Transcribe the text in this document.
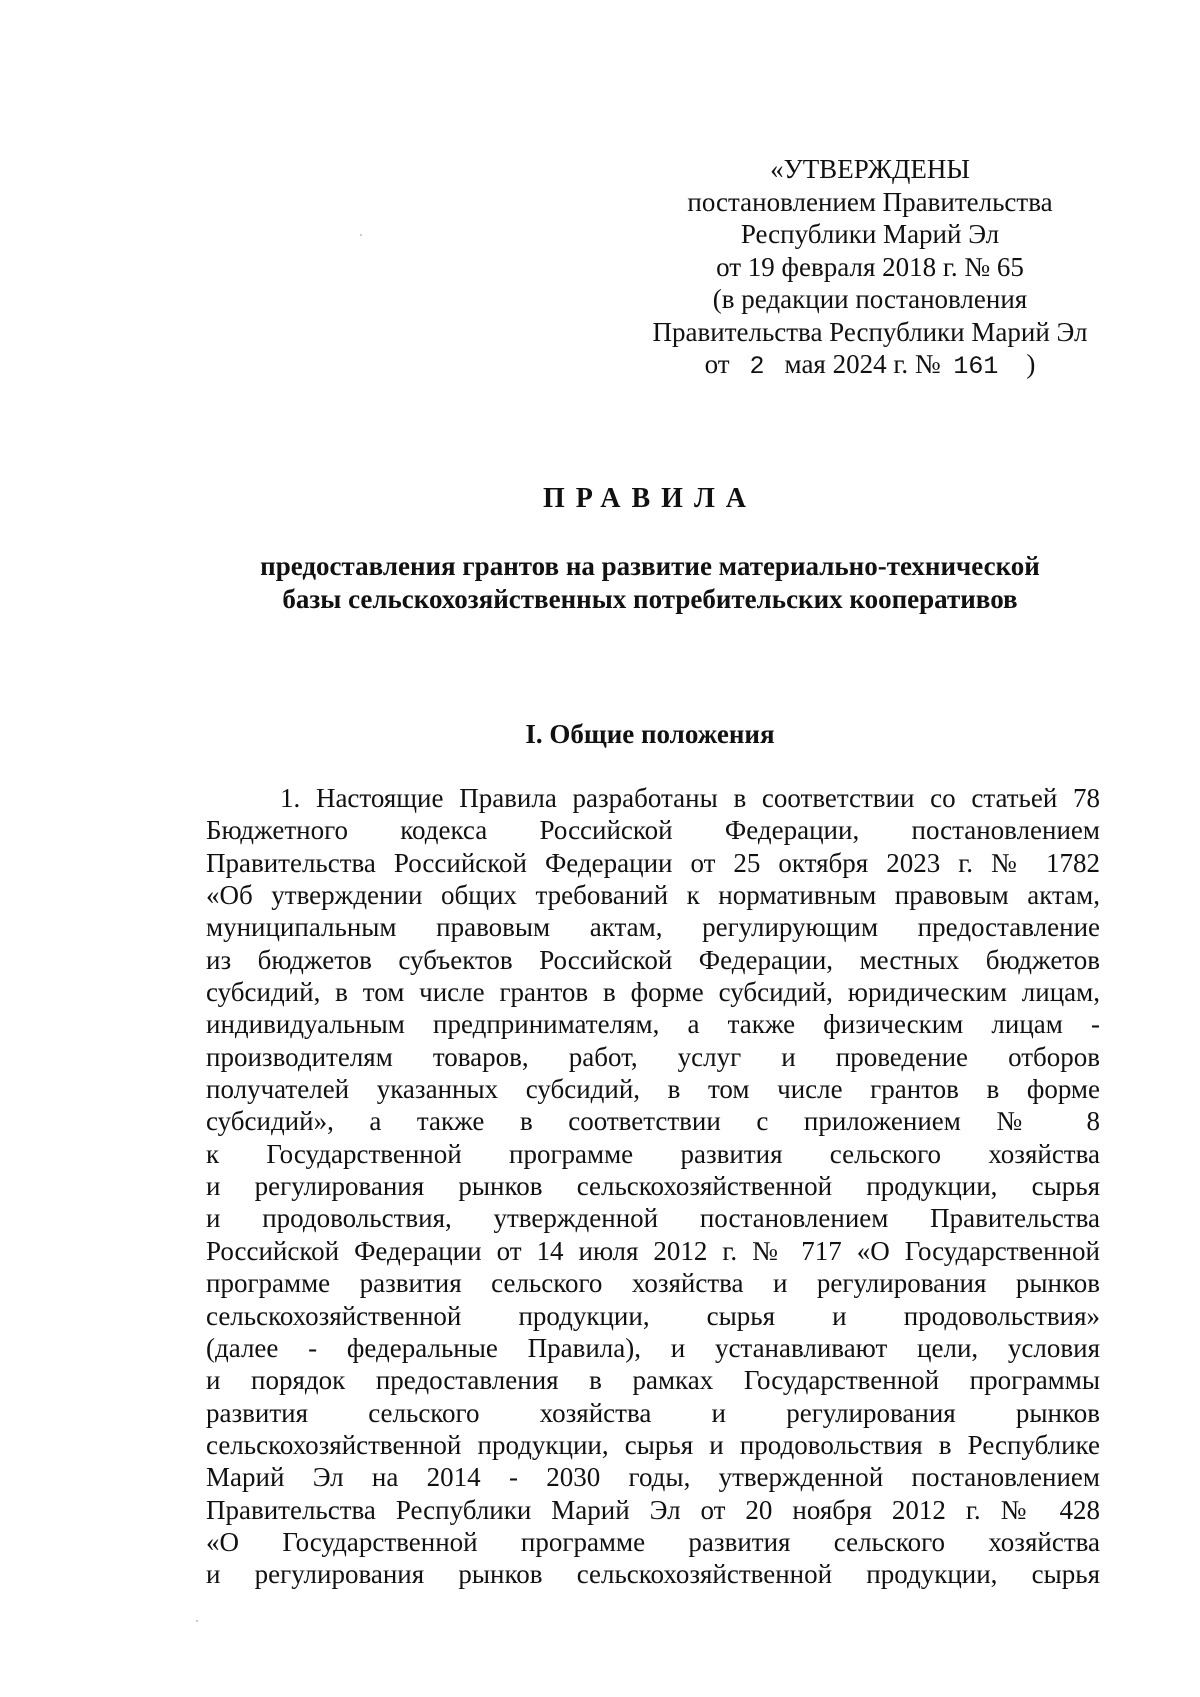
«УТВЕРЖДЕНЫ
постановлением Правительства
Республики Марий Эл
от 19 февраля 2018 г. № 65
(в редакции постановления
Правительства Республики Марий Эл
от 2 мая 2024 г. № 161 )
ПРАВИЛА
предоставления грантов на развитие материально-технической
базы сельскохозяйственных потребительских кооперативов
I. Общие положения
1. Настоящие Правила разработаны в соответствии со статьей 78
Бюджетного кодекса Российской Федерации, постановлением
Правительства Российской Федерации от 25 октября 2023 г. № 1782
«Об утверждении общих требований к нормативным правовым актам,
муниципальным правовым актам, регулирующим предоставление
из бюджетов субъектов Российской Федерации, местных бюджетов
субсидий, в том числе грантов в форме субсидий, юридическим лицам,
индивидуальным предпринимателям, а также физическим лицам -
производителям товаров, работ, услуг и проведение отборов
получателей указанных субсидий, в том числе грантов в форме
субсидий», а также в соответствии с приложением № 8
к Государственной программе развития сельского хозяйства
и регулирования рынков сельскохозяйственной продукции, сырья
и продовольствия, утвержденной постановлением Правительства
Российской Федерации от 14 июля 2012 г. № 717 «О Государственной
программе развития сельского хозяйства и регулирования рынков
сельскохозяйственной продукции, сырья и продовольствия»
(далее - федеральные Правила), и устанавливают цели, условия
и порядок предоставления в рамках Государственной программы
развития сельского хозяйства и регулирования рынков
сельскохозяйственной продукции, сырья и продовольствия в Республике
Марий Эл на 2014 - 2030 годы, утвержденной постановлением
Правительства Республики Марий Эл от 20 ноября 2012 г. № 428
«О Государственной программе развития сельского хозяйства
и регулирования рынков сельскохозяйственной продукции, сырья
